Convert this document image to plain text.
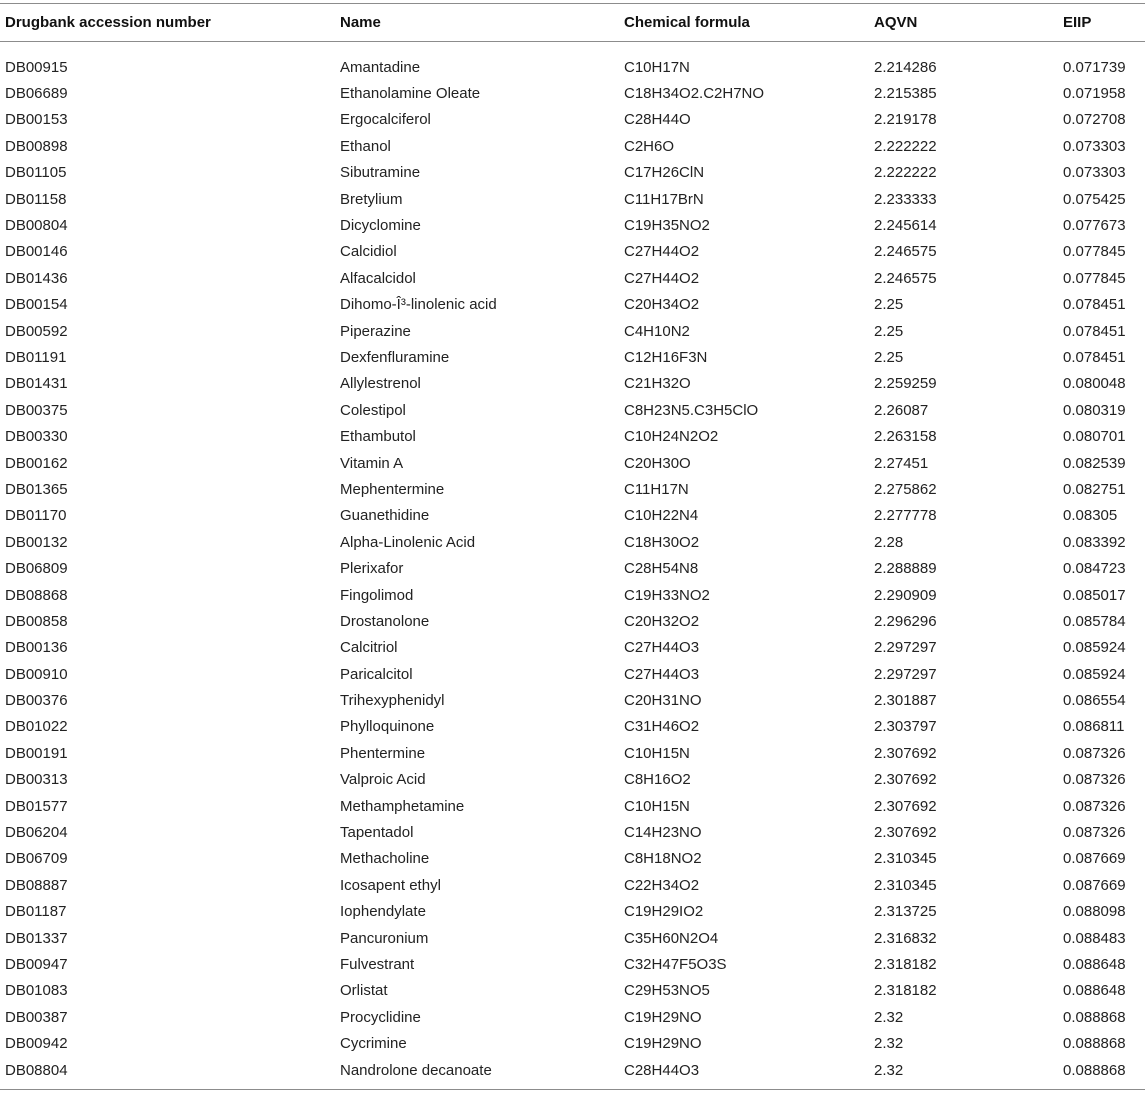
Drugbank accession number	Name	Chemical formula	AQVN	EIIP
DB00915	Amantadine	C10H17N	2.214286	0.071739
DB06689	Ethanolamine Oleate	C18H34O2.C2H7NO	2.215385	0.071958
DB00153	Ergocalciferol	C28H44O	2.219178	0.072708
DB00898	Ethanol	C2H6O	2.222222	0.073303
DB01105	Sibutramine	C17H26ClN	2.222222	0.073303
DB01158	Bretylium	C11H17BrN	2.233333	0.075425
DB00804	Dicyclomine	C19H35NO2	2.245614	0.077673
DB00146	Calcidiol	C27H44O2	2.246575	0.077845
DB01436	Alfacalcidol	C27H44O2	2.246575	0.077845
DB00154	Dihomo-Î³-linolenic acid	C20H34O2	2.25	0.078451
DB00592	Piperazine	C4H10N2	2.25	0.078451
DB01191	Dexfenfluramine	C12H16F3N	2.25	0.078451
DB01431	Allylestrenol	C21H32O	2.259259	0.080048
DB00375	Colestipol	C8H23N5.C3H5ClO	2.26087	0.080319
DB00330	Ethambutol	C10H24N2O2	2.263158	0.080701
DB00162	Vitamin A	C20H30O	2.27451	0.082539
DB01365	Mephentermine	C11H17N	2.275862	0.082751
DB01170	Guanethidine	C10H22N4	2.277778	0.08305
DB00132	Alpha-Linolenic Acid	C18H30O2	2.28	0.083392
DB06809	Plerixafor	C28H54N8	2.288889	0.084723
DB08868	Fingolimod	C19H33NO2	2.290909	0.085017
DB00858	Drostanolone	C20H32O2	2.296296	0.085784
DB00136	Calcitriol	C27H44O3	2.297297	0.085924
DB00910	Paricalcitol	C27H44O3	2.297297	0.085924
DB00376	Trihexyphenidyl	C20H31NO	2.301887	0.086554
DB01022	Phylloquinone	C31H46O2	2.303797	0.086811
DB00191	Phentermine	C10H15N	2.307692	0.087326
DB00313	Valproic Acid	C8H16O2	2.307692	0.087326
DB01577	Methamphetamine	C10H15N	2.307692	0.087326
DB06204	Tapentadol	C14H23NO	2.307692	0.087326
DB06709	Methacholine	C8H18NO2	2.310345	0.087669
DB08887	Icosapent ethyl	C22H34O2	2.310345	0.087669
DB01187	Iophendylate	C19H29IO2	2.313725	0.088098
DB01337	Pancuronium	C35H60N2O4	2.316832	0.088483
DB00947	Fulvestrant	C32H47F5O3S	2.318182	0.088648
DB01083	Orlistat	C29H53NO5	2.318182	0.088648
DB00387	Procyclidine	C19H29NO	2.32	0.088868
DB00942	Cycrimine	C19H29NO	2.32	0.088868
DB08804	Nandrolone decanoate	C28H44O3	2.32	0.088868
